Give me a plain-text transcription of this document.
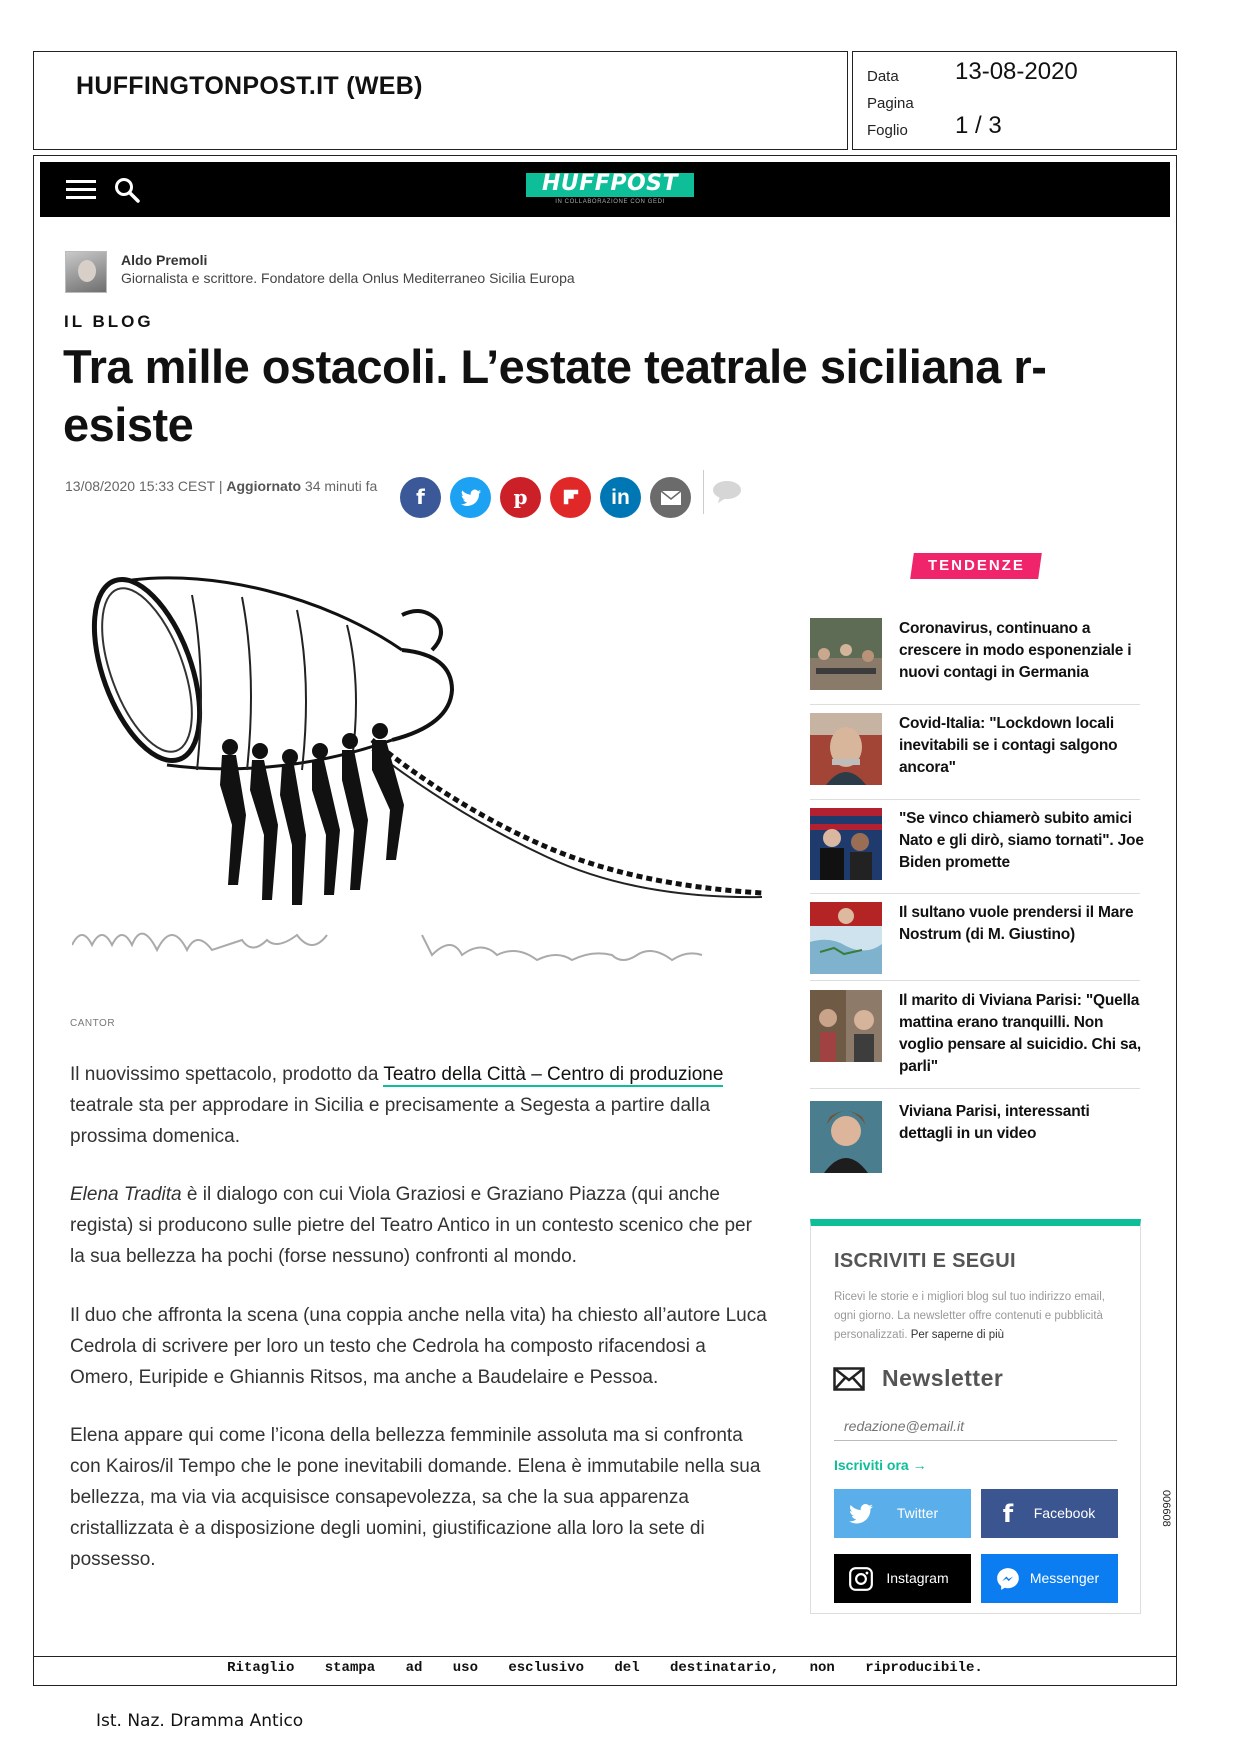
HUFFINGTONPOST.IT (WEB)	Data 13-08-2020
Pagina
Foglio 1 / 3
HUFFPOST
IN COLLABORAZIONE CON GEDI
Aldo Premoli
Giornalista e scrittore. Fondatore della Onlus Mediterraneo Sicilia Europa
IL BLOG
Tra mille ostacoli. L’estate teatrale siciliana r-esiste
13/08/2020 15:33 CEST | Aggiornato 34 minuti fa	f	p	in
CANTOR

Il nuovissimo spettacolo, prodotto da Teatro della Città – Centro di produzione teatrale sta per approdare in Sicilia e precisamente a Segesta a partire dalla prossima domenica.

Elena Tradita è il dialogo con cui Viola Graziosi e Graziano Piazza (qui anche regista) si producono sulle pietre del Teatro Antico in un contesto scenico che per la sua bellezza ha pochi (forse nessuno) confronti al mondo.

Il duo che affronta la scena (una coppia anche nella vita) ha chiesto all’autore Luca Cedrola di scrivere per loro un testo che Cedrola ha composto rifacendosi a Omero, Euripide e Ghiannis Ritsos, ma anche a Baudelaire e Pessoa.

Elena appare qui come l’icona della bellezza femminile assoluta ma si confronta con Kairos/il Tempo che le pone inevitabili domande. Elena è immutabile nella sua bellezza, ma via via acquisisce consapevolezza, sa che la sua apparenza cristallizzata è a disposizione degli uomini, giustificazione alla loro la sete di possesso.

TENDENZE
Coronavirus, continuano a crescere in modo esponenziale i nuovi contagi in Germania
Covid-Italia: "Lockdown locali inevitabili se i contagi salgono ancora"
"Se vinco chiamerò subito amici Nato e gli dirò, siamo tornati". Joe Biden promette
Il sultano vuole prendersi il Mare Nostrum (di M. Giustino)
Il marito di Viviana Parisi: "Quella mattina erano tranquilli. Non voglio pensare al suicidio. Chi sa, parli"
Viviana Parisi, interessanti dettagli in un video
ISCRIVITI E SEGUI
Ricevi le storie e i migliori blog sul tuo indirizzo email, ogni giorno. La newsletter offre contenuti e pubblicità personalizzati. Per saperne di più
Newsletter
redazione@email.it
Iscriviti ora →
Twitter	f	Facebook
Instagram	Messenger
006608
Ritaglio stampa ad uso esclusivo del destinatario, non riproducibile.
Ist. Naz. Dramma Antico
